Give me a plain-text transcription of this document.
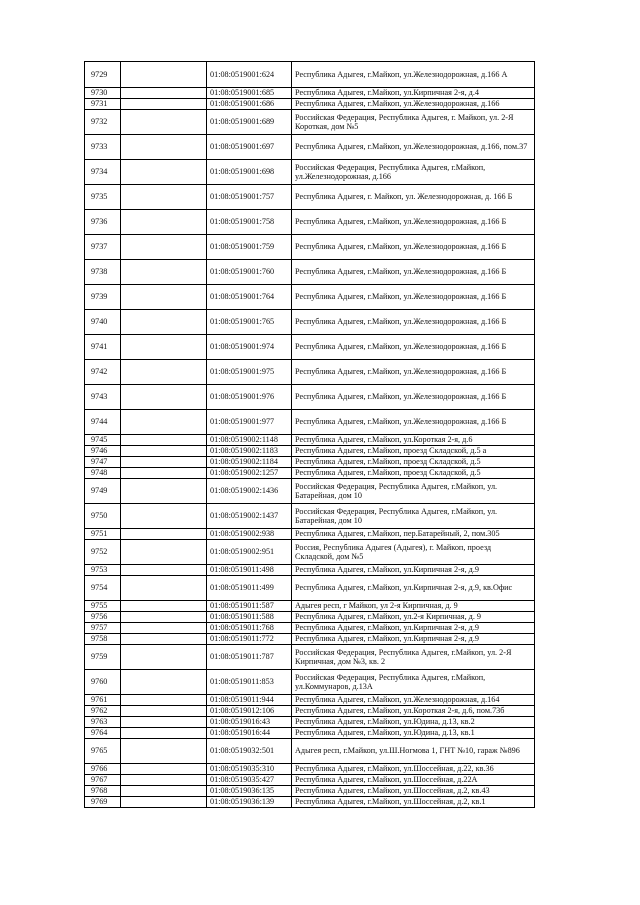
9729		01:08:0519001:624	Республика Адыгея, г.Майкоп, ул.Железнодорожная, д.166 А
9730		01:08:0519001:685	Республика Адыгея, г.Майкоп, ул.Кирпичная 2-я, д.4
9731		01:08:0519001:686	Республика Адыгея, г.Майкоп, ул.Железнодорожная, д.166
9732		01:08:0519001:689	Российская Федерация, Республика Адыгея, г. Майкоп, ул. 2-Я Короткая, дом №5
9733		01:08:0519001:697	Республика Адыгея, г.Майкоп, ул.Железнодорожная, д.166, пом.37
9734		01:08:0519001:698	Российская Федерация, Республика Адыгея, г.Майкоп, ул.Железнодорожная, д.166
9735		01:08:0519001:757	Республика Адыгея, г. Майкоп, ул. Железнодорожная, д. 166 Б
9736		01:08:0519001:758	Республика Адыгея, г.Майкоп, ул.Железнодорожная, д.166 Б
9737		01:08:0519001:759	Республика Адыгея, г.Майкоп, ул.Железнодорожная, д.166 Б
9738		01:08:0519001:760	Республика Адыгея, г.Майкоп, ул.Железнодорожная, д.166 Б
9739		01:08:0519001:764	Республика Адыгея, г.Майкоп, ул.Железнодорожная, д.166 Б
9740		01:08:0519001:765	Республика Адыгея, г.Майкоп, ул.Железнодорожная, д.166 Б
9741		01:08:0519001:974	Республика Адыгея, г.Майкоп, ул.Железнодорожная, д.166 Б
9742		01:08:0519001:975	Республика Адыгея, г.Майкоп, ул.Железнодорожная, д.166 Б
9743		01:08:0519001:976	Республика Адыгея, г.Майкоп, ул.Железнодорожная, д.166 Б
9744		01:08:0519001:977	Республика Адыгея, г.Майкоп, ул.Железнодорожная, д.166 Б
9745		01:08:0519002:1148	Республика Адыгея, г.Майкоп, ул.Короткая 2-я, д.6
9746		01:08:0519002:1183	Республика Адыгея, г.Майкоп, проезд Складской, д.5 а
9747		01:08:0519002:1184	Республика Адыгея, г.Майкоп, проезд Складской, д.5
9748		01:08:0519002:1257	Республика Адыгея, г.Майкоп, проезд Складской, д.5
9749		01:08:0519002:1436	Российская Федерация, Республика Адыгея, г.Майкоп, ул. Батарейная, дом 10
9750		01:08:0519002:1437	Российская Федерация, Республика Адыгея, г.Майкоп, ул. Батарейная, дом 10
9751		01:08:0519002:938	Республика Адыгея, г.Майкоп, пер.Батарейный, 2, пом.305
9752		01:08:0519002:951	Россия, Республика Адыгея (Адыгея), г. Майкоп, проезд Складской, дом №5
9753		01:08:0519011:498	Республика Адыгея, г.Майкоп, ул.Кирпичная 2-я, д.9
9754		01:08:0519011:499	Республика Адыгея, г.Майкоп, ул.Кирпичная 2-я, д.9, кв.Офис
9755		01:08:0519011:587	Адыгея респ, г Майкоп, ул 2-я Кирпичная, д. 9
9756		01:08:0519011:588	Республика Адыгея, г.Майкоп, ул.2-я Кирпичная, д. 9
9757		01:08:0519011:768	Республика Адыгея, г.Майкоп, ул.Кирпичная 2-я, д.9
9758		01:08:0519011:772	Республика Адыгея, г.Майкоп, ул.Кирпичная 2-я, д.9
9759		01:08:0519011:787	Российская Федерация, Республика Адыгея, г.Майкоп, ул. 2-Я Кирпичная, дом №3, кв. 2
9760		01:08:0519011:853	Российская Федерация, Республика Адыгея, г.Майкоп, ул.Коммунаров, д.13А
9761		01:08:0519011:944	Республика Адыгея, г.Майкоп, ул.Железнодорожная, д.164
9762		01:08:0519012:106	Республика Адыгея, г.Майкоп, ул.Короткая 2-я, д.6, пом.73б
9763		01:08:0519016:43	Республика Адыгея, г.Майкоп, ул.Юдина, д.13, кв.2
9764		01:08:0519016:44	Республика Адыгея, г.Майкоп, ул.Юдина, д.13, кв.1
9765		01:08:0519032:501	Адыгея респ, г.Майкоп, ул.Ш.Ногмова 1, ГНТ №10, гараж №896
9766		01:08:0519035:310	Республика Адыгея, г.Майкоп, ул.Шоссейная, д.22, кв.36
9767		01:08:0519035:427	Республика Адыгея, г.Майкоп, ул.Шоссейная, д.22А
9768		01:08:0519036:135	Республика Адыгея, г.Майкоп, ул.Шоссейная, д.2, кв.43
9769		01:08:0519036:139	Республика Адыгея, г.Майкоп, ул.Шоссейная, д.2, кв.1
